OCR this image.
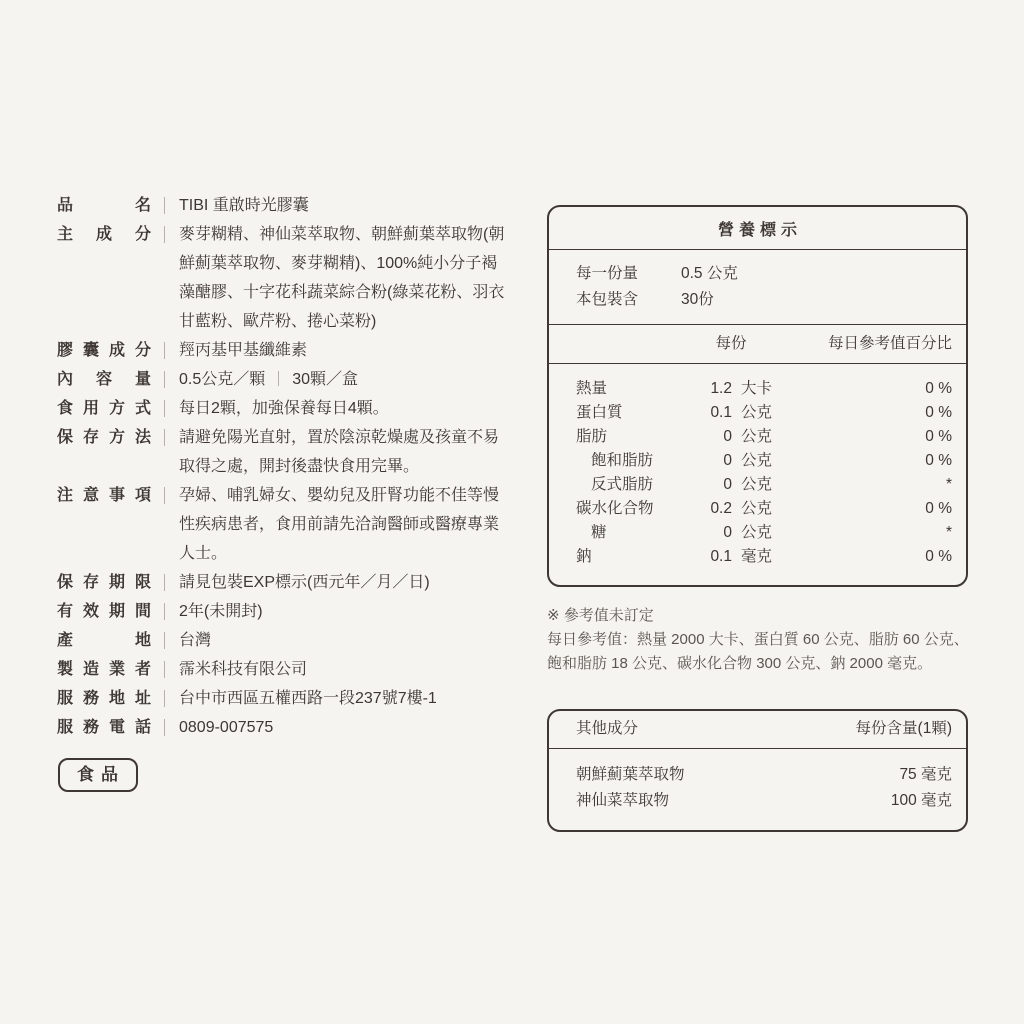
品名 TIBI 重啟時光膠囊
主成分 麥芽糊精、神仙菜萃取物、朝鮮薊葉萃取物(朝鮮薊葉萃取物、麥芽糊精)、100%純小分子褐藻醣膠、十字花科蔬菜綜合粉(綠菜花粉、羽衣甘藍粉、歐芹粉、捲心菜粉)
膠囊成分 羥丙基甲基纖維素
內容量 0.5公克／顆 30顆／盒
食用方式 每日2顆，加強保養每日4顆。
保存方法 請避免陽光直射，置於陰涼乾燥處及孩童不易取得之處，開封後盡快食用完畢。
注意事項 孕婦、哺乳婦女、嬰幼兒及肝腎功能不佳等慢性疾病患者，食用前請先洽詢醫師或醫療專業人士。
保存期限 請見包裝EXP標示(西元年／月／日)
有效期間 2年(未開封)
產地 台灣
製造業者 霈米科技有限公司
服務地址 台中市西區五權西路一段237號7樓-1
服務電話 0809-007575
食品
營養標示
每一份量	0.5 公克
本包裝含	30份
每份	每日參考值百分比
熱量	1.2 大卡	0 %
蛋白質	0.1 公克	0 %
脂肪	0 公克	0 %
飽和脂肪	0 公克	0 %
反式脂肪	0 公克	*
碳水化合物	0.2 公克	0 %
糖	0 公克	*
鈉	0.1 毫克	0 %
※ 參考值未訂定
每日參考值：熱量 2000 大卡、蛋白質 60 公克、脂肪 60 公克、飽和脂肪 18 公克、碳水化合物 300 公克、鈉 2000 毫克。
其他成分	每份含量(1顆)
朝鮮薊葉萃取物	75 毫克
神仙菜萃取物	100 毫克
